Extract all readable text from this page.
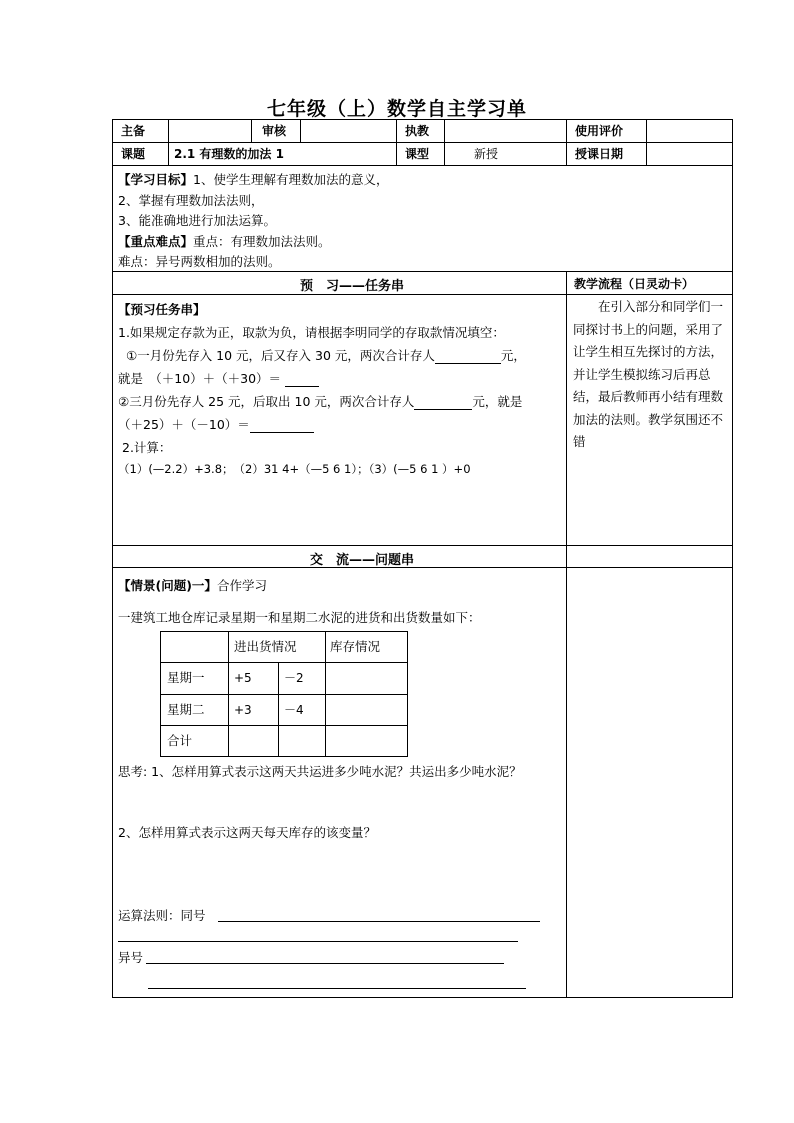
七年级（上）数学自主学习单
主备	审核	执教	使用评价
课题 2.1 有理数的加法 1	课型	新授	授课日期
【学习目标】1、使学生理解有理数加法的意义，
2、掌握有理数加法法则，
3、能准确地进行加法运算。
【重点难点】重点：有理数加法法则。
难点：异号两数相加的法则。
预　习——任务串	教学流程（日灵动卡）
【预习任务串】
1.如果规定存款为正，取款为负，请根据李明同学的存取款情况填空：
①一月份先存入 10 元，后又存入 30 元，两次合计存人	元，
就是　（＋10）＋（＋30）＝
②三月份先存人 25 元，后取出 10 元，两次合计存人	元，就是
（＋25）＋（－10）＝
2.计算：
（1）(—2.2）+3.8；　（2）31 4+（—5 6 1）；（3）(—5 6 1 ）+0
在引入部分和同学们一同探讨书上的问题，采用了让学生相互先探讨的方法，并让学生模拟练习后再总结，最后教师再小结有理数加法的法则。教学氛围还不错
交　流——问题串
【情景(问题)一】合作学习
一建筑工地仓库记录星期一和星期二水泥的进货和出货数量如下：
进出货情况	库存情况
星期一 +5	－2
星期二 +3	－4
合计
思考: 1、怎样用算式表示这两天共运进多少吨水泥？共运出多少吨水泥？
2、怎样用算式表示这两天每天库存的该变量？
运算法则：同号
异号
